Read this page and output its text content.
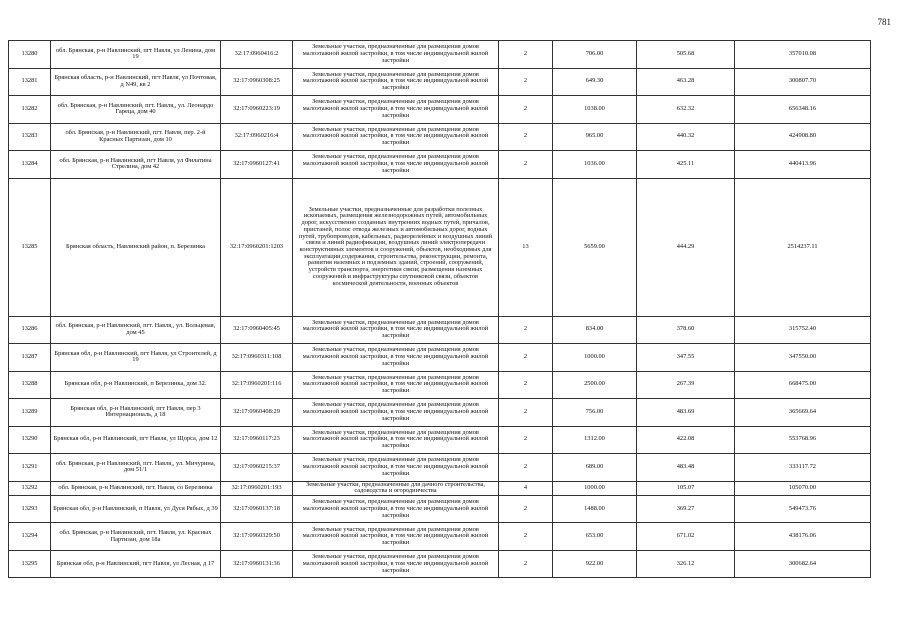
781
13280	обл. Брянская, р-н Навлинский, пгт Навля, ул Ленина, дом 19	32:17:0960416:2	Земельные участки, предназначенные для размещения домов малоэтажной жилой застройки, в том числе индивидуальной жилой застройки	2	706.00	505.68	357010.08
13281	Брянская область, р-н Навлинский, пгт Навля, ул Почтовая, д N49, кв 2	32:17:0960308:25	Земельные участки, предназначенные для размещения домов малоэтажной жилой застройки, в том числе индивидуальной жилой застройки	2	649.30	463.28	300807.70
13282	обл. Брянская, р-н Навлинский, пгт. Навля,, ул. Леонардо Гареца, дом 40	32:17:0960223:19	Земельные участки, предназначенные для размещения домов малоэтажной жилой застройки, в том числе индивидуальной жилой застройки	2	1038.00	632.32	656348.16
13283	обл. Брянская, р-н Навлинский, пгт. Навля, пер. 2-й Красных Партизан, дом 10	32:17:0960216:4	Земельные участки, предназначенные для размещения домов малоэтажной жилой застройки, в том числе индивидуальной жилой застройки	2	965.00	440.32	424908.80
13284	обл. Брянская, р-н Навлинский, пгт Навля, ул Филатина Стрелина, дом 42	32:17:0960127:41	Земельные участки, предназначенные для размещения домов малоэтажной жилой застройки, в том числе индивидуальной жилой застройки	2	1036.00	425.11	440413.96
13285	Брянская область, Навлинский район, п. Березинка	32:17:0960201:1203	Земельные участки, предназначенные для разработки полезных ископаемых, размещения железнодорожных путей, автомобильных дорог, искусственно созданных внутренних водных путей, причалов, пристаней, полос отвода железных и автомобильных дорог, водных путей, трубопроводов, кабельных, радиорелейных и воздушных линий связи и линий радиофикации, воздушных линий электропередачи конструктивных элементов и сооружений, объектов, необходимых для эксплуатации,содержания, строительства, реконструкции, ремонта, развития наземных и подземных зданий, строений, сооружений, устройств транспорта, энергетики связи; размещения наземных сооружений и инфраструктуры спутниковой связи, объектов космической деятельности, военных объектов	13	5659.00	444.29	2514237.11
13286	обл. Брянская, р-н Навлинский, пгт. Навля,, ул. Вольцевая, дом 45	32:17:0960405:45	Земельные участки, предназначенные для размещения домов малоэтажной жилой застройки, в том числе индивидуальной жилой застройки	2	834.00	378.60	315752.40
13287	Брянская обл, р-н Навлинский, пгт Навля, ул Строителей, д 19	32:17:0960311:108	Земельные участки, предназначенные для размещения домов малоэтажной жилой застройки, в том числе индивидуальной жилой застройки	2	1000.00	347.55	347550.00
13288	Брянская обл, р-н Навлинский, п Березинка, дом 32.	32:17:0960201:116	Земельные участки, предназначенные для размещения домов малоэтажной жилой застройки, в том числе индивидуальной жилой застройки	2	2500.00	267.39	668475.00
13289	Брянская обл, р-н Навлинский, пгт Навля, пер 3 Интернациональ, д 18	32:17:0960408:29	Земельные участки, предназначенные для размещения домов малоэтажной жилой застройки, в том числе индивидуальной жилой застройки	2	756.00	483.69	365669.64
13290	Брянская обл, р-н Навлинский, пгт Навля, ул Щорса, дом 12	32:17:0960117:23	Земельные участки, предназначенные для размещения домов малоэтажной жилой застройки, в том числе индивидуальной жилой застройки	2	1312.00	422.08	553768.96
13291	обл. Брянская, р-н Навлинский, пгт. Навля,, ул. Мичурина, дом 51/1	32:17:0960215:37	Земельные участки, предназначенные для размещения домов малоэтажной жилой застройки, в том числе индивидуальной жилой застройки	2	689.00	483.48	333117.72
13292	обл. Брянская, р-н Навлинский, пгт. Навля, со Березинка	32:17:0960201:193	Земельные участки, предназначенные для дачного строительства, садоводства и огородничества	4	1000.00	105.07	105070.00
13293	Брянская обл, р-н Навлинский, п Навля, ул Дуся Рябых, д 39	32:17:0960137:18	Земельные участки, предназначенные для размещения домов малоэтажной жилой застройки, в том числе индивидуальной жилой застройки	2	1488.00	369.27	549473.76
13294	обл. Брянская, р-н Навлинский, пгт. Навля, ул. Красных Партизан, дом 18а	32:17:0960329:50	Земельные участки, предназначенные для размещения домов малоэтажной жилой застройки, в том числе индивидуальной жилой застройки	2	653.00	671.02	438176.06
13295	Брянская обл, р-н Навлинский, пгт Навля, ул Лесная, д 17	32:17:0960131:36	Земельные участки, предназначенные для размещения домов малоэтажной жилой застройки, в том числе индивидуальной жилой застройки	2	922.00	326.12	300682.64
